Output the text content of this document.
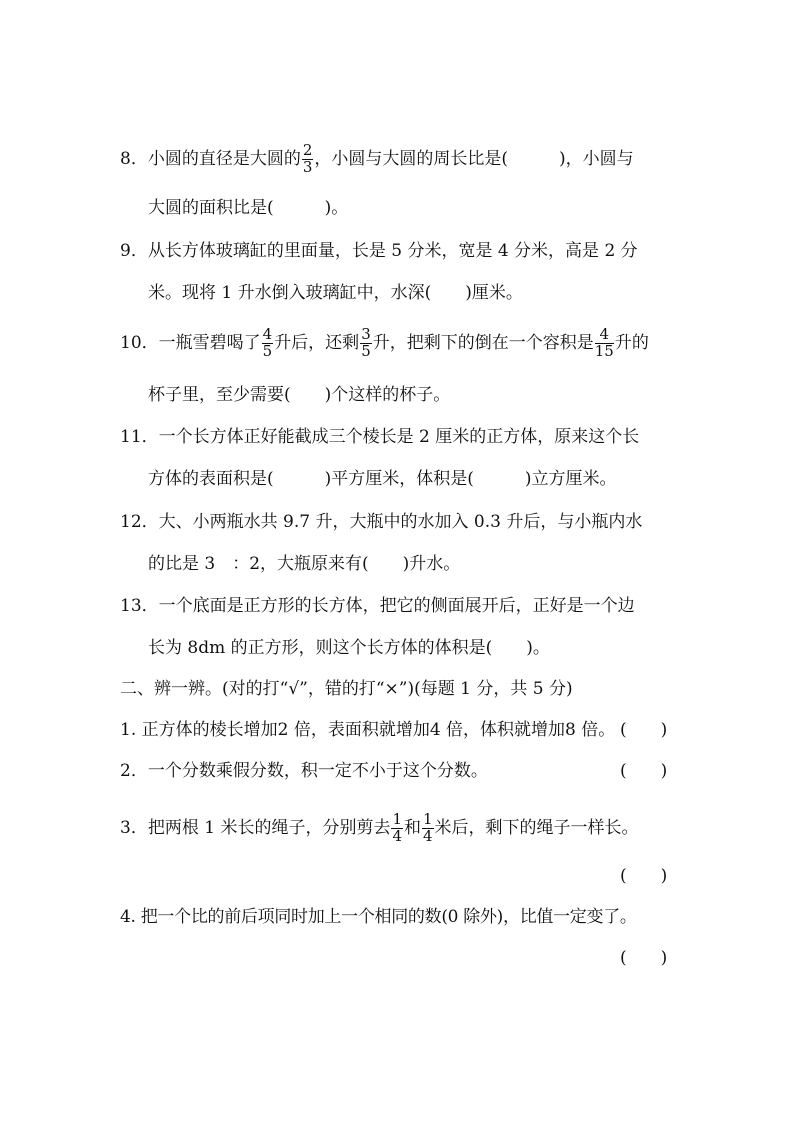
8．小圆的直径是大圆的 $\frac{2}{3}$ ，小圆与大圆的周长比是(　　　)，小圆与
大圆的面积比是(　　　)。
9．从长方体玻璃缸的里面量，长是 5 分米，宽是 4 分米，高是 2 分
米。现将 1 升水倒入玻璃缸中，水深(　　)厘米。
10．一瓶雪碧喝了 $\frac{4}{5}$ 升后，还剩 $\frac{3}{5}$ 升，把剩下的倒在一个容积是 $\frac{4}{15}$ 升的
杯子里，至少需要(　　)个这样的杯子。
11．一个长方体正好能截成三个棱长是 2 厘米的正方体，原来这个长
方体的表面积是(　　　)平方厘米，体积是(　　　)立方厘米。
12．大、小两瓶水共 9.7 升，大瓶中的水加入 0.3 升后，与小瓶内水
的比是 3　：2，大瓶原来有(　　)升水。
13．一个底面是正方形的长方体，把它的侧面展开后，正好是一个边
长为 8dm 的正方形，则这个长方体的体积是(　　)。
二、辨一辨。(对的打“√”，错的打“×”)(每题 1 分，共 5 分)
1. 正方体的棱长增加2 倍，表面积就增加4 倍，体积就增加8 倍。 (　　)
2．一个分数乘假分数，积一定不小于这个分数。	(　　)
3．把两根 1 米长的绳子，分别剪去 $\frac{1}{4}$ 和 $\frac{1}{4}$ 米后，剩下的绳子一样长。
(　　)
4. 把一个比的前后项同时加上一个相同的数(0 除外)，比值一定变了。
(　　)
